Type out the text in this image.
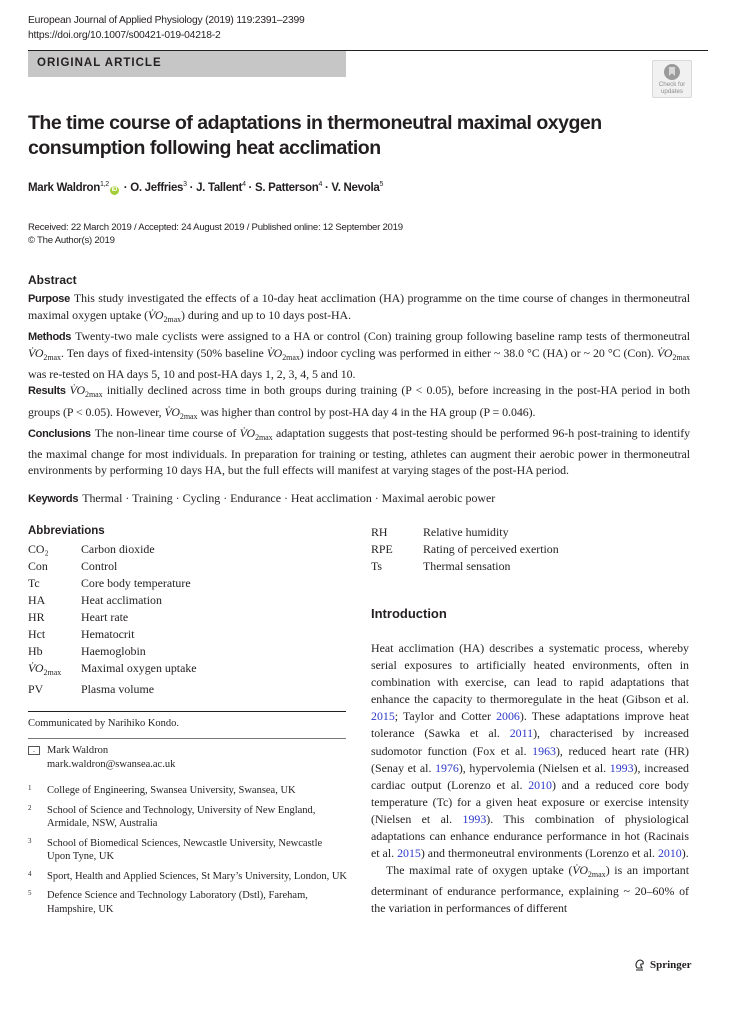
European Journal of Applied Physiology (2019) 119:2391–2399
https://doi.org/10.1007/s00421-019-04218-2
ORIGINAL ARTICLE
Check for
updates
The time course of adaptations in thermoneutral maximal oxygen consumption following heat acclimation
Mark Waldron$^{1,2}$iD · O. Jeffries$^3$ · J. Tallent$^4$ · S. Patterson$^4$ · V. Nevola$^5$
Received: 22 March 2019 / Accepted: 24 August 2019 / Published online: 12 September 2019
© The Author(s) 2019
Abstract

Purpose This study investigated the effects of a 10-day heat acclimation (HA) programme on the time course of changes in thermoneutral maximal oxygen uptake $(V̇O_{2max})$ during and up to 10 days post-HA.

Methods Twenty-two male cyclists were assigned to a HA or control (Con) training group following baseline ramp tests of thermoneutral $V̇O_{2max}$. Ten days of fixed-intensity (50% baseline $V̇O_{2max}$) indoor cycling was performed in either ~ 38.0 °C (HA) or ~ 20 °C (Con). $V̇O_{2max}$ was re-tested on HA days 5, 10 and post-HA days 1, 2, 3, 4, 5 and 10.

Results $V̇O_{2max}$ initially declined across time in both groups during training (P < 0.05), before increasing in the post-HA period in both groups (P < 0.05). However, $V̇O_{2max}$ was higher than control by post-HA day 4 in the HA group (P = 0.046).

Conclusions The non-linear time course of $V̇O_{2max}$ adaptation suggests that post-testing should be performed 96-h post-training to identify the maximal change for most individuals. In preparation for training or testing, athletes can augment their aerobic power in thermoneutral environments by performing 10 days HA, but the full effects will manifest at varying stages of the post-HA period.

Keywords Thermal · Training · Cycling · Endurance · Heat acclimation · Maximal aerobic power
Abbreviations
CO₂	Carbon dioxide
Con	Control
Tc	Core body temperature
HA	Heat acclimation
HR	Heart rate
Hct	Hematocrit
Hb	Haemoglobin
$V̇O_{2max}$	Maximal oxygen uptake
PV	Plasma volume
RH	Relative humidity
RPE	Rating of perceived exertion
Ts	Thermal sensation
Communicated by Narihiko Kondo.
Mark Waldron
mark.waldron@swansea.ac.uk
1 College of Engineering, Swansea University, Swansea, UK
2 School of Science and Technology, University of New England, Armidale, NSW, Australia
3 School of Biomedical Sciences, Newcastle University, Newcastle Upon Tyne, UK
4 Sport, Health and Applied Sciences, St Mary’s University, London, UK
5 Defence Science and Technology Laboratory (Dstl), Fareham, Hampshire, UK
Introduction

Heat acclimation (HA) describes a systematic process, whereby serial exposures to artificially heated environments, often in combination with exercise, can lead to rapid adaptations that enhance the capacity to thermoregulate in the heat (Gibson et al. 2015; Taylor and Cotter 2006). These adaptations improve heat tolerance (Sawka et al. 2011), characterised by increased sudomotor function (Fox et al. 1963), reduced heart rate (HR) (Senay et al. 1976), hypervolemia (Nielsen et al. 1993), increased cardiac output (Lorenzo et al. 2010) and a reduced core body temperature (Tc) for a given heat exposure or exercise intensity (Nielsen et al. 1993). This combination of physiological adaptations can enhance endurance performance in hot (Racinais et al. 2015) and thermoneutral environments (Lorenzo et al. 2010).

The maximal rate of oxygen uptake $(V̇O_{2max})$ is an important determinant of endurance performance, explaining ~ 20–60% of the variation in performances of different

Springer
